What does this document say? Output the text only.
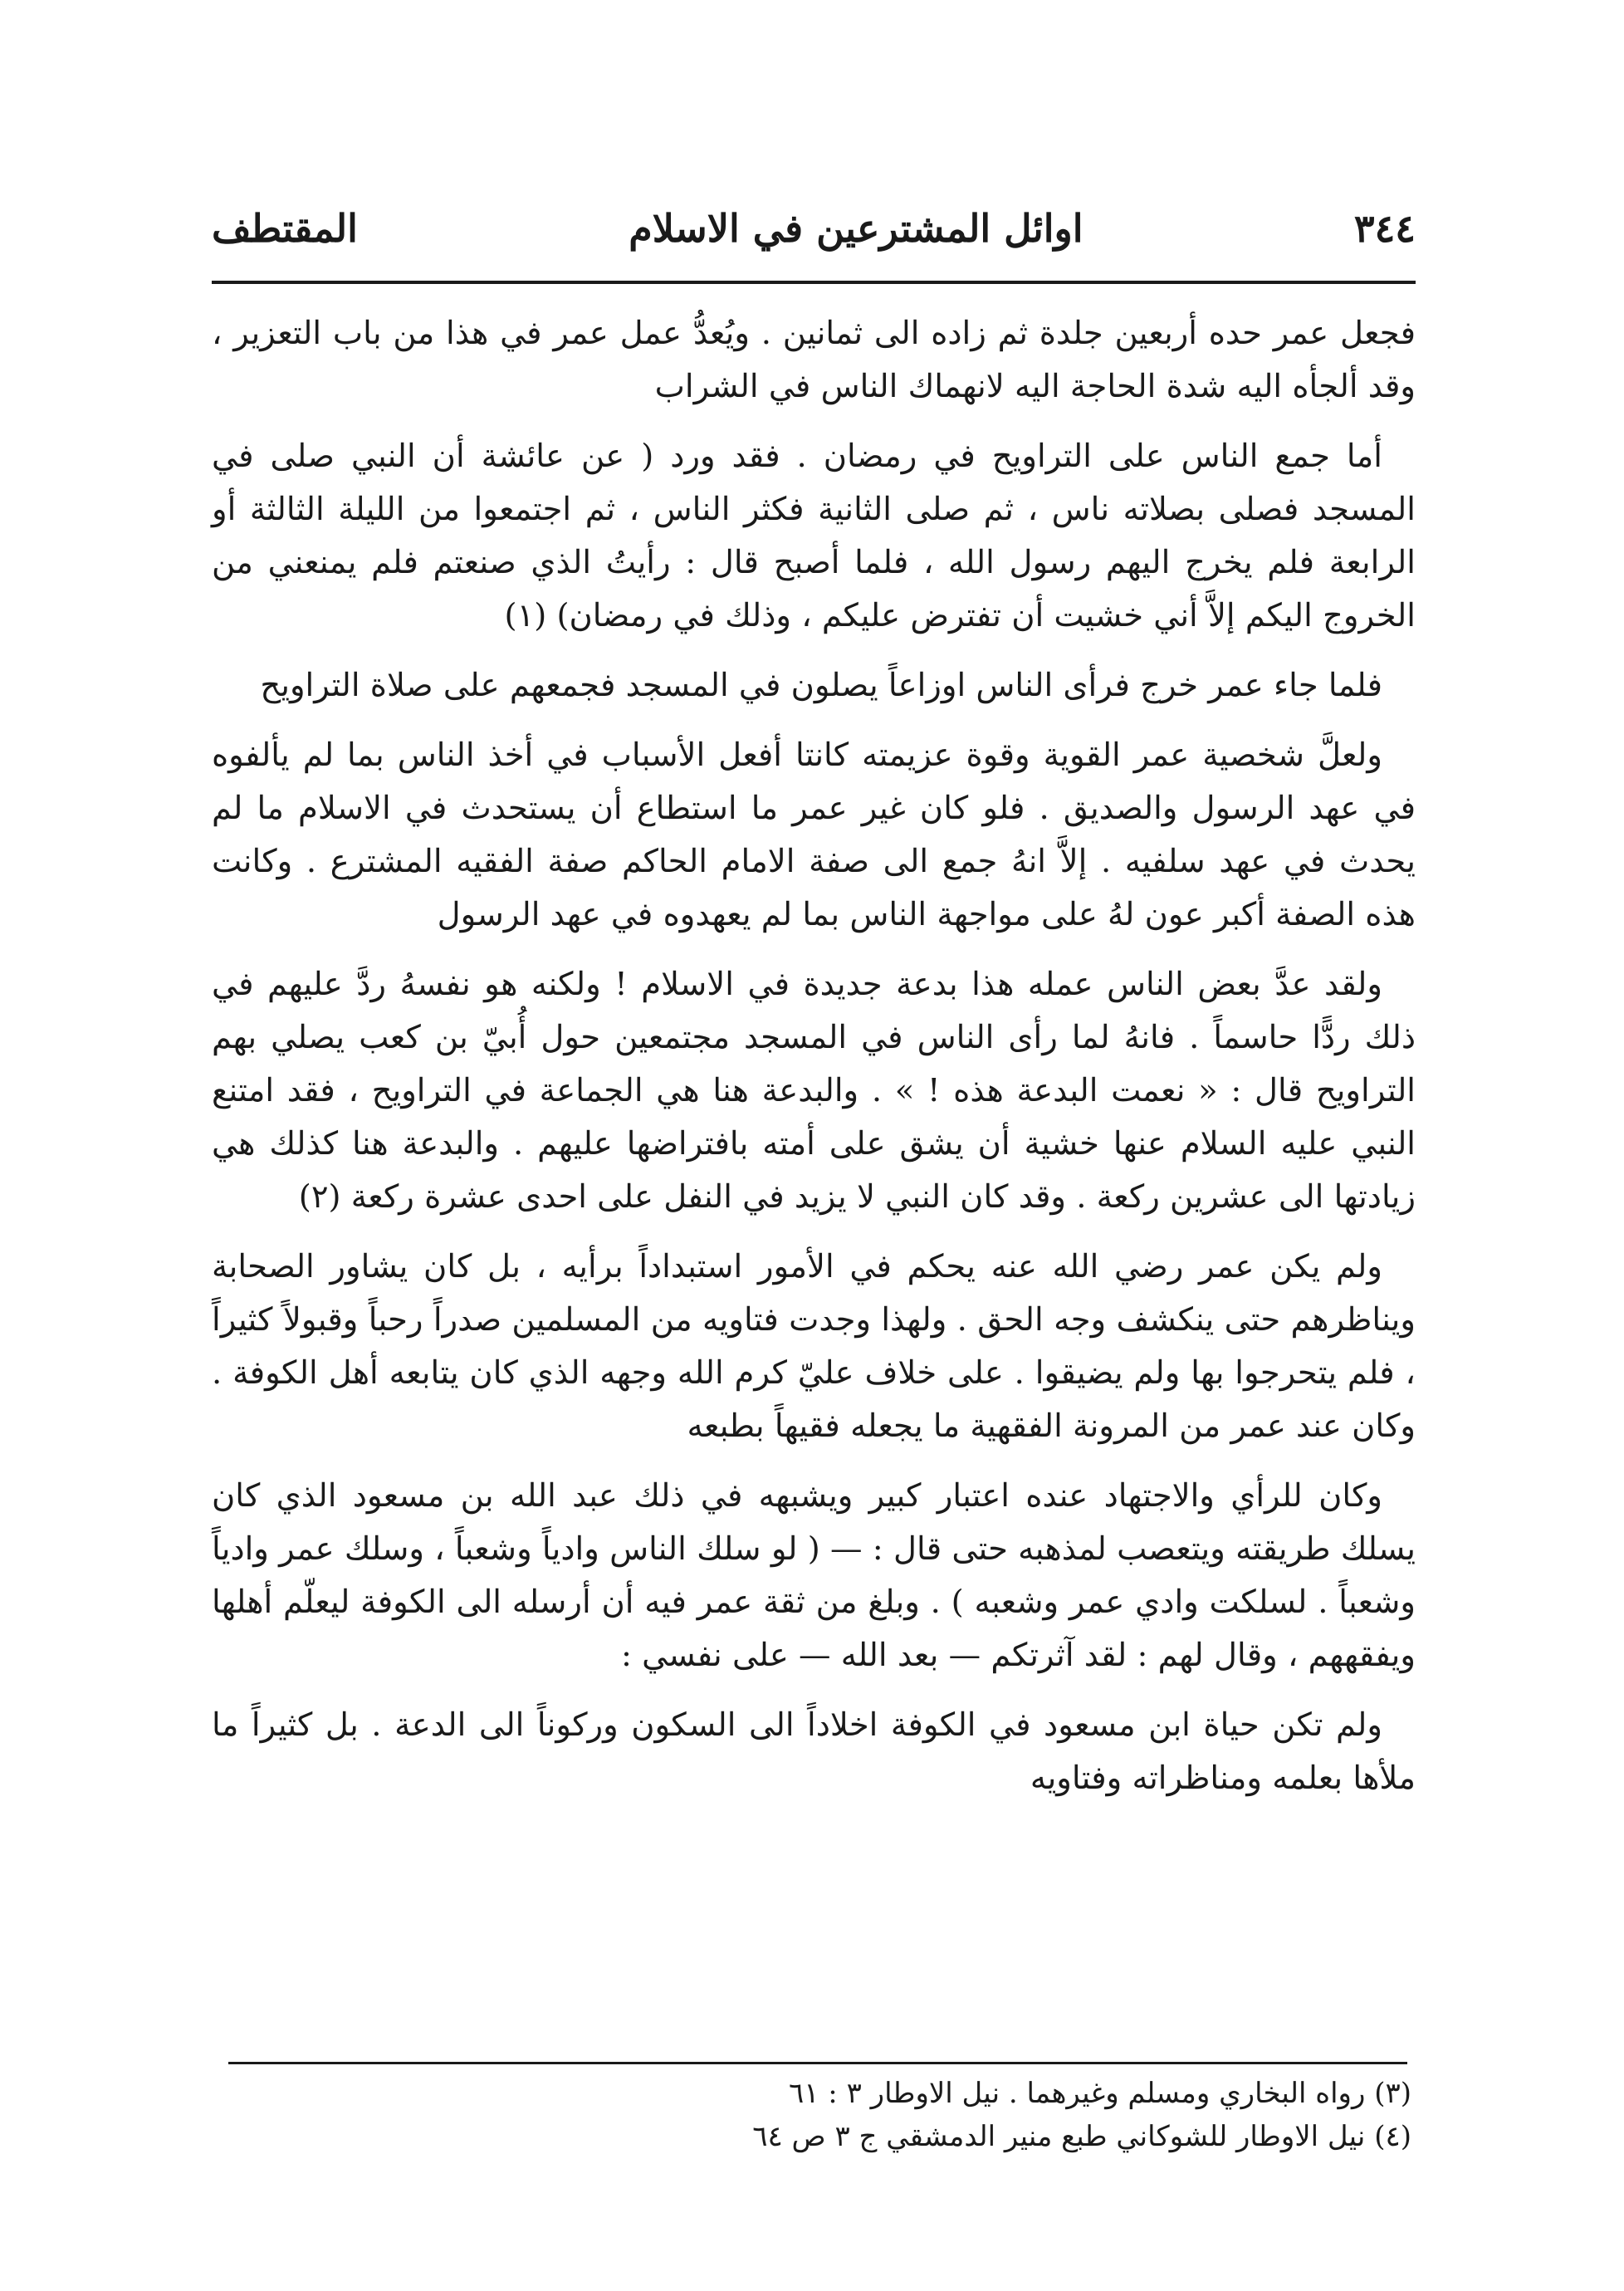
٣٤٤
اوائل المشترعين في الاسلام
المقتطف

فجعل عمر حده أربعين جلدة ثم زاده الى ثمانين . ويُعدُّ عمل عمر في هذا من باب التعزير ، وقد ألجأه اليه شدة الحاجة اليه لانهماك الناس في الشراب

أما جمع الناس على التراويح في رمضان . فقد ورد ( عن عائشة أن النبي صلى في المسجد فصلى بصلاته ناس ، ثم صلى الثانية فكثر الناس ، ثم اجتمعوا من الليلة الثالثة أو الرابعة فلم يخرج اليهم رسول الله ، فلما أصبح قال : رأيتُ الذي صنعتم فلم يمنعني من الخروج اليكم إلاَّ أني خشيت أن تفترض عليكم ، وذلك في رمضان) (١)

فلما جاء عمر خرج فرأى الناس اوزاعاً يصلون في المسجد فجمعهم على صلاة التراويح

ولعلَّ شخصية عمر القوية وقوة عزيمته كانتا أفعل الأسباب في أخذ الناس بما لم يألفوه في عهد الرسول والصديق . فلو كان غير عمر ما استطاع أن يستحدث في الاسلام ما لم يحدث في عهد سلفيه . إلاَّ انهُ جمع الى صفة الامام الحاكم صفة الفقيه المشترع . وكانت هذه الصفة أكبر عون لهُ على مواجهة الناس بما لم يعهدوه في عهد الرسول

ولقد عدَّ بعض الناس عمله هذا بدعة جديدة في الاسلام ! ولكنه هو نفسهُ ردَّ عليهم في ذلك ردًّا حاسماً . فانهُ لما رأى الناس في المسجد مجتمعين حول أُبيّ بن كعب يصلي بهم التراويح قال : « نعمت البدعة هذه ! » . والبدعة هنا هي الجماعة في التراويح ، فقد امتنع النبي عليه السلام عنها خشية أن يشق على أمته بافتراضها عليهم . والبدعة هنا كذلك هي زيادتها الى عشرين ركعة . وقد كان النبي لا يزيد في النفل على احدى عشرة ركعة (٢)

ولم يكن عمر رضي الله عنه يحكم في الأمور استبداداً برأيه ، بل كان يشاور الصحابة ويناظرهم حتى ينكشف وجه الحق . ولهذا وجدت فتاويه من المسلمين صدراً رحباً وقبولاً كثيراً ، فلم يتحرجوا بها ولم يضيقوا . على خلاف عليّ كرم الله وجهه الذي كان يتابعه أهل الكوفة . وكان عند عمر من المرونة الفقهية ما يجعله فقيهاً بطبعه

وكان للرأي والاجتهاد عنده اعتبار كبير ويشبهه في ذلك عبد الله بن مسعود الذي كان يسلك طريقته ويتعصب لمذهبه حتى قال : — ( لو سلك الناس وادياً وشعباً ، وسلك عمر وادياً وشعباً . لسلكت وادي عمر وشعبه ) . وبلغ من ثقة عمر فيه أن أرسله الى الكوفة ليعلّم أهلها ويفقههم ، وقال لهم : لقد آثرتكم — بعد الله — على نفسي :

ولم تكن حياة ابن مسعود في الكوفة اخلاداً الى السكون وركوناً الى الدعة . بل كثيراً ما ملأها بعلمه ومناظراته وفتاويه

(٣) رواه البخاري ومسلم وغيرهما . نيل الاوطار ٣ : ٦١
(٤) نيل الاوطار للشوكاني طبع منير الدمشقي ج ٣ ص ٦٤
